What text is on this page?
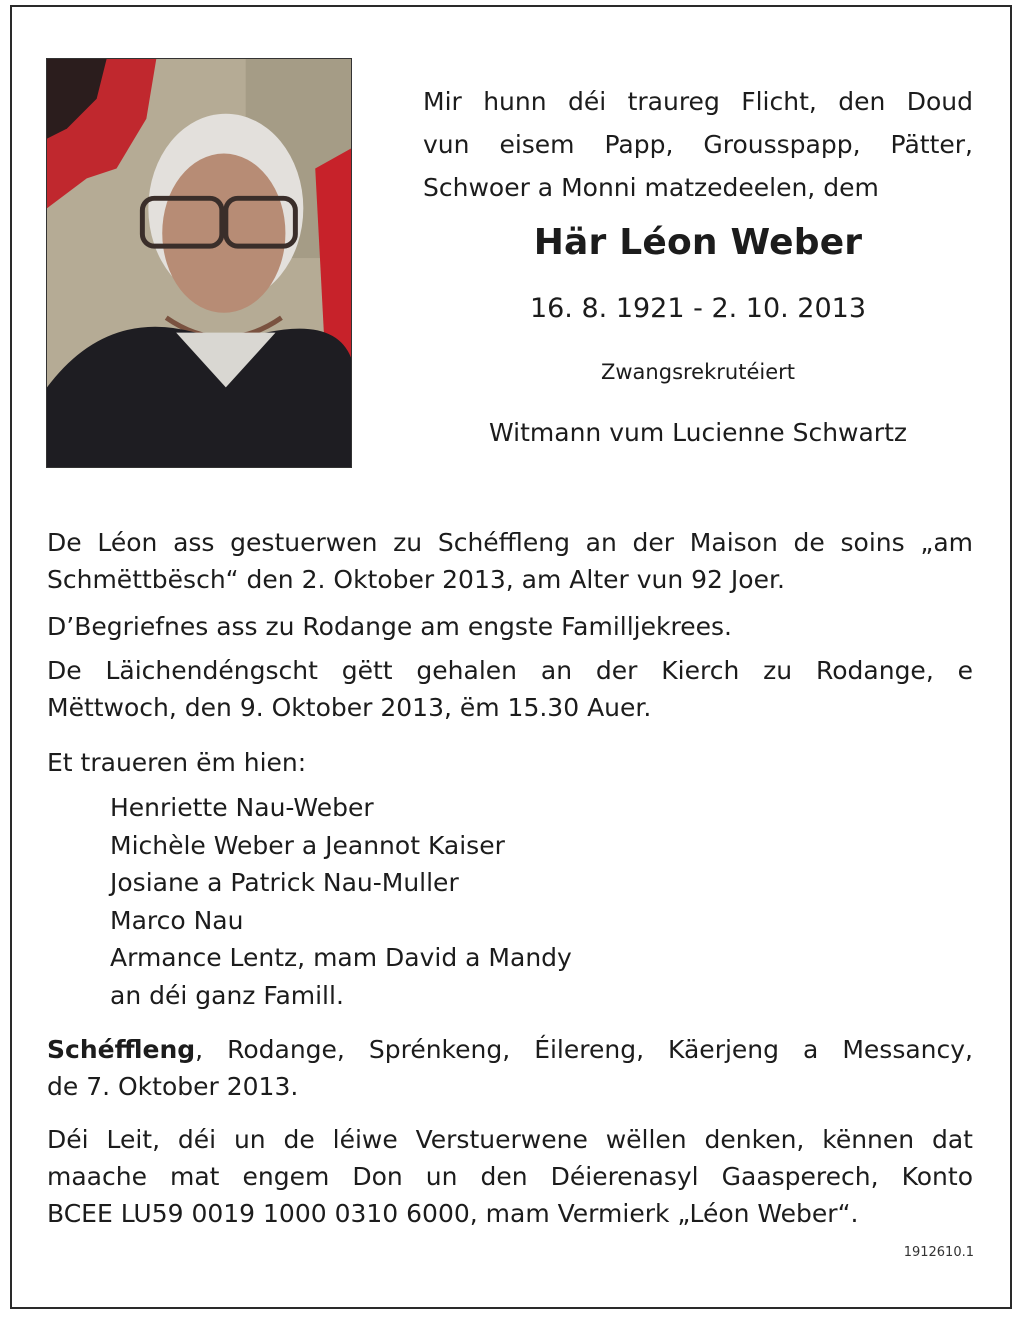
Mir hunn déi traureg Flicht, den Doud
vun eisem Papp, Grousspapp, Pätter,
Schwoer a Monni matzedeelen, dem
Här Léon Weber
16. 8. 1921 - 2. 10. 2013
Zwangsrekrutéiert
Witmann vum Lucienne Schwartz
De Léon ass gestuerwen zu Schéffleng an der Maison de soins „am
Schmëttbësch“ den 2. Oktober 2013, am Alter vun 92 Joer.
D’Begriefnes ass zu Rodange am engste Familljekrees.
De Läichendéngscht gëtt gehalen an der Kierch zu Rodange, e
Mëttwoch, den 9. Oktober 2013, ëm 15.30 Auer.
Et traueren ëm hien:
Henriette Nau-Weber
Michèle Weber a Jeannot Kaiser
Josiane a Patrick Nau-Muller
Marco Nau
Armance Lentz, mam David a Mandy
an déi ganz Famill.
Schéffleng, Rodange, Sprénkeng, Éilereng, Käerjeng a Messancy,
de 7. Oktober 2013.
Déi Leit, déi un de léiwe Verstuerwene wëllen denken, kënnen dat
maache mat engem Don un den Déierenasyl Gaasperech, Konto
BCEE LU59 0019 1000 0310 6000, mam Vermierk „Léon Weber“.
1912610.1
